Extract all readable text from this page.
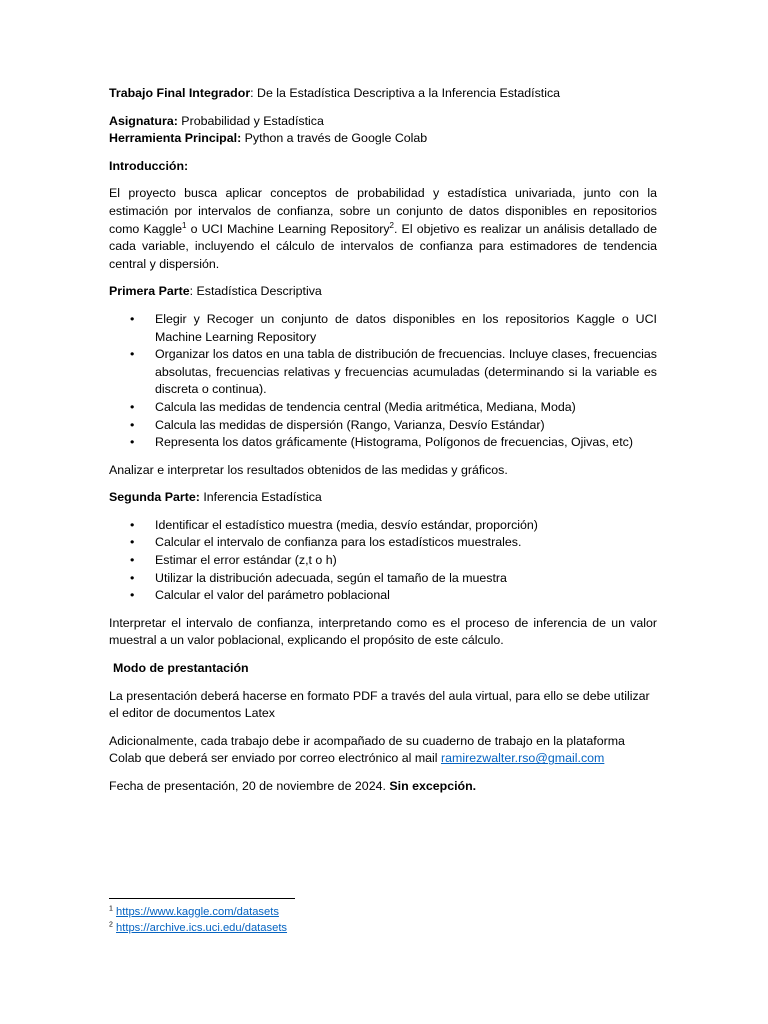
Trabajo Final Integrador: De la Estadística Descriptiva a la Inferencia Estadística

Asignatura: Probabilidad y Estadística
Herramienta Principal: Python a través de Google Colab

Introducción:

El proyecto busca aplicar conceptos de probabilidad y estadística univariada, junto con la estimación por intervalos de confianza, sobre un conjunto de datos disponibles en repositorios como Kaggle$^1$ o UCI Machine Learning Repository$^2$. El objetivo es realizar un análisis detallado de cada variable, incluyendo el cálculo de intervalos de confianza para estimadores de tendencia central y dispersión.

Primera Parte: Estadística Descriptiva

• Elegir y Recoger un conjunto de datos disponibles en los repositorios Kaggle o UCI Machine Learning Repository
• Organizar los datos en una tabla de distribución de frecuencias. Incluye clases, frecuencias absolutas, frecuencias relativas y frecuencias acumuladas (determinando si la variable es discreta o continua).
• Calcula las medidas de tendencia central (Media aritmética, Mediana, Moda)
• Calcula las medidas de dispersión (Rango, Varianza, Desvío Estándar)
• Representa los datos gráficamente (Histograma, Polígonos de frecuencias, Ojivas, etc)

Analizar e interpretar los resultados obtenidos de las medidas y gráficos.

Segunda Parte: Inferencia Estadística

• Identificar el estadístico muestra (media, desvío estándar, proporción)
• Calcular el intervalo de confianza para los estadísticos muestrales.
• Estimar el error estándar (z,t o h)
• Utilizar la distribución adecuada, según el tamaño de la muestra
• Calcular el valor del parámetro poblacional

Interpretar el intervalo de confianza, interpretando como es el proceso de inferencia de un valor muestral a un valor poblacional, explicando el propósito de este cálculo.

Modo de prestantación

La presentación deberá hacerse en formato PDF a través del aula virtual, para ello se debe utilizar el editor de documentos Latex

Adicionalmente, cada trabajo debe ir acompañado de su cuaderno de trabajo en la plataforma Colab que deberá ser enviado por correo electrónico al mail ramirezwalter.rso@gmail.com

Fecha de presentación, 20 de noviembre de 2024. Sin excepción.

$^1$ https://www.kaggle.com/datasets

$^2$ https://archive.ics.uci.edu/datasets
